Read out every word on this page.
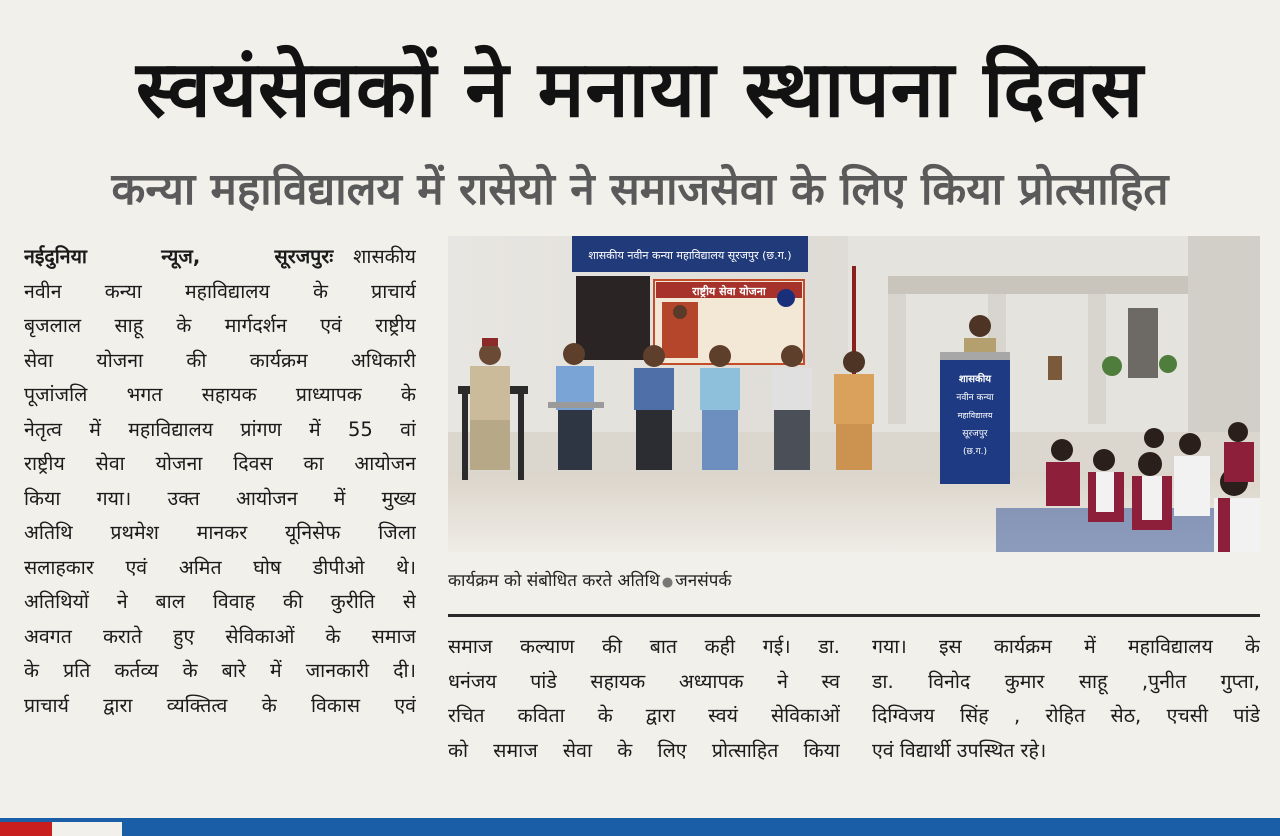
स्वयंसेवकों ने मनाया स्थापना दिवस
कन्या महाविद्यालय में रासेयो ने समाजसेवा के लिए किया प्रोत्साहित
नईदुनिया न्यूज, सूरजपुरः शासकीय
नवीन कन्या महाविद्यालय के प्राचार्य
बृजलाल साहू के मार्गदर्शन एवं राष्ट्रीय
सेवा योजना की कार्यक्रम अधिकारी
पूजांजलि भगत सहायक प्राध्यापक के
नेतृत्व में महाविद्यालय प्रांगण में 55 वां
राष्ट्रीय सेवा योजना दिवस का आयोजन
किया गया। उक्त आयोजन में मुख्य
अतिथि प्रथमेश मानकर यूनिसेफ जिला
सलाहकार एवं अमित घोष डीपीओ थे।
अतिथियों ने बाल विवाह की कुरीति से
अवगत कराते हुए सेविकाओं के समाज
के प्रति कर्तव्य के बारे में जानकारी दी।
प्राचार्य द्वारा व्यक्तित्व के विकास एवं
शासकीय नवीन कन्या महाविद्यालय सूरजपुर (छ.ग.)
राष्ट्रीय सेवा योजना
शासकीय
नवीन कन्या
महाविद्यालय
सूरजपुर
(छ.ग.)
कार्यक्रम को संबोधित करते अतिथि ● जनसंपर्क
समाज कल्याण की बात कही गई। डा.
धनंजय पांडे सहायक अध्यापक ने स्व
रचित कविता के द्वारा स्वयं सेविकाओं
को समाज सेवा के लिए प्रोत्साहित किया
गया। इस कार्यक्रम में महाविद्यालय के
डा. विनोद कुमार साहू ,पुनीत गुप्ता,
दिग्विजय सिंह , रोहित सेठ, एचसी पांडे
एवं विद्यार्थी उपस्थित रहे।
